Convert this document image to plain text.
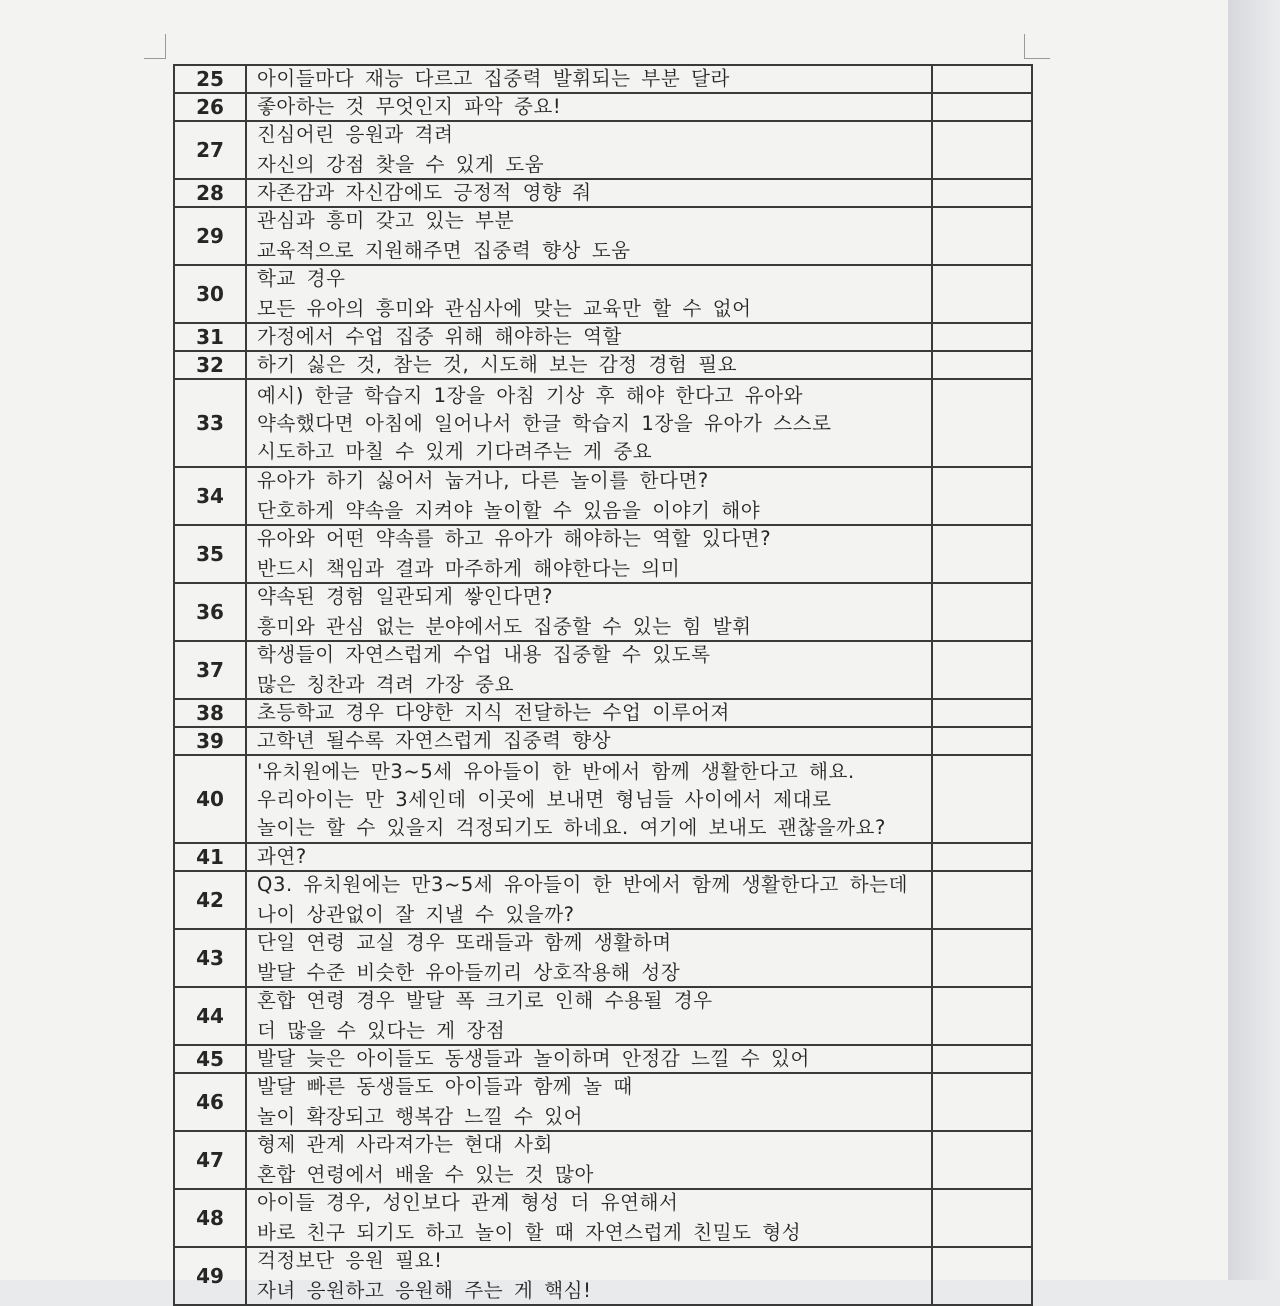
25	아이들마다 재능 다르고 집중력 발휘되는 부분 달라	

26	좋아하는 것 무엇인지 파악 중요!	

27	진심어린 응원과 격려
자신의 강점 찾을 수 있게 도움	

28	자존감과 자신감에도 긍정적 영향 줘	

29	관심과 흥미 갖고 있는 부분
교육적으로 지원해주면 집중력 향상 도움	

30	학교 경우
모든 유아의 흥미와 관심사에 맞는 교육만 할 수 없어	

31	가정에서 수업 집중 위해 해야하는 역할	

32	하기 싫은 것, 참는 것, 시도해 보는 감정 경험 필요	

33	예시) 한글 학습지 1장을 아침 기상 후 해야 한다고 유아와
약속했다면 아침에 일어나서 한글 학습지 1장을 유아가 스스로
시도하고 마칠 수 있게 기다려주는 게 중요	

34	유아가 하기 싫어서 눕거나, 다른 놀이를 한다면?
단호하게 약속을 지켜야 놀이할 수 있음을 이야기 해야	

35	유아와 어떤 약속를 하고 유아가 해야하는 역할 있다면?
반드시 책임과 결과 마주하게 해야한다는 의미	

36	약속된 경험 일관되게 쌓인다면?
흥미와 관심 없는 분야에서도 집중할 수 있는 힘 발휘	

37	학생들이 자연스럽게 수업 내용 집중할 수 있도록
많은 칭찬과 격려 가장 중요	

38	초등학교 경우 다양한 지식 전달하는 수업 이루어져	

39	고학년 될수록 자연스럽게 집중력 향상	

40	'유치원에는 만3~5세 유아들이 한 반에서 함께 생활한다고 해요.
우리아이는 만 3세인데 이곳에 보내면 형님들 사이에서 제대로
놀이는 할 수 있을지 걱정되기도 하네요. 여기에 보내도 괜찮을까요?	

41	과연?	

42	Q3. 유치원에는 만3~5세 유아들이 한 반에서 함께 생활한다고 하는데
나이 상관없이 잘 지낼 수 있을까?	

43	단일 연령 교실 경우 또래들과 함께 생활하며
발달 수준 비슷한 유아들끼리 상호작용해 성장	

44	혼합 연령 경우 발달 폭 크기로 인해 수용될 경우
더 많을 수 있다는 게 장점	

45	발달 늦은 아이들도 동생들과 놀이하며 안정감 느낄 수 있어	

46	발달 빠른 동생들도 아이들과 함께 놀 때
놀이 확장되고 행복감 느낄 수 있어	

47	형제 관계 사라져가는 현대 사회
혼합 연령에서 배울 수 있는 것 많아	

48	아이들 경우, 성인보다 관계 형성 더 유연해서
바로 친구 되기도 하고 놀이 할 때 자연스럽게 친밀도 형성	

49	걱정보단 응원 필요!
자녀 응원하고 응원해 주는 게 핵심!	
